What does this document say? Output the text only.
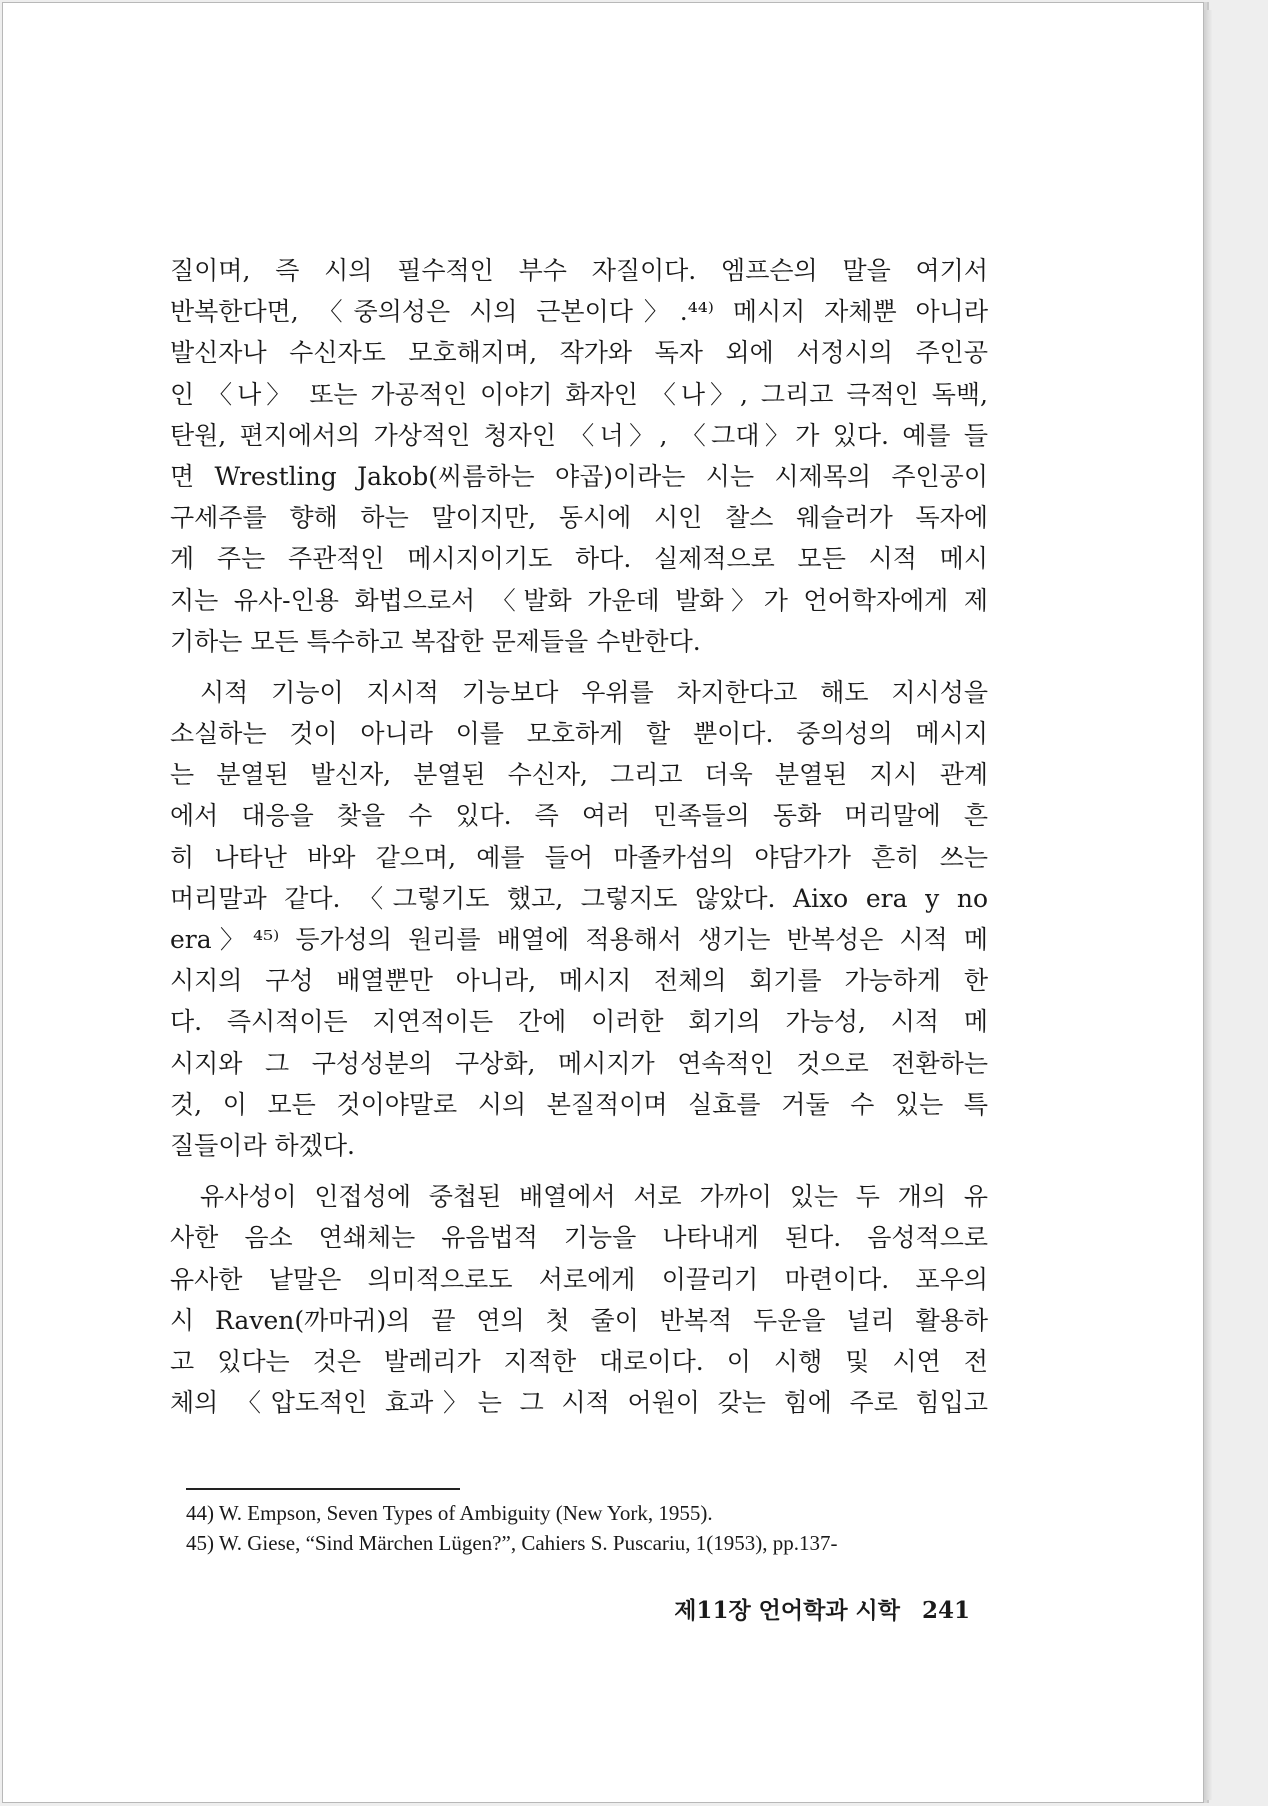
질이며, 즉 시의 필수적인 부수 자질이다. 엠프슨의 말을 여기서
반복한다면, 〈중의성은 시의 근본이다〉.⁴⁴⁾ 메시지 자체뿐 아니라
발신자나 수신자도 모호해지며, 작가와 독자 외에 서정시의 주인공
인 〈나〉 또는 가공적인 이야기 화자인 〈나〉, 그리고 극적인 독백,
탄원, 편지에서의 가상적인 청자인 〈너〉, 〈그대〉가 있다. 예를 들
면 Wrestling Jakob(씨름하는 야곱)이라는 시는 시제목의 주인공이
구세주를 향해 하는 말이지만, 동시에 시인 찰스 웨슬러가 독자에
게 주는 주관적인 메시지이기도 하다. 실제적으로 모든 시적 메시
지는 유사-인용 화법으로서 〈발화 가운데 발화〉가 언어학자에게 제
기하는 모든 특수하고 복잡한 문제들을 수반한다.
시적 기능이 지시적 기능보다 우위를 차지한다고 해도 지시성을
소실하는 것이 아니라 이를 모호하게 할 뿐이다. 중의성의 메시지
는 분열된 발신자, 분열된 수신자, 그리고 더욱 분열된 지시 관계
에서 대응을 찾을 수 있다. 즉 여러 민족들의 동화 머리말에 흔
히 나타난 바와 같으며, 예를 들어 마졸카섬의 야담가가 흔히 쓰는
머리말과 같다. 〈그렇기도 했고, 그렇지도 않았다. Aixo era y no
era〉⁴⁵⁾ 등가성의 원리를 배열에 적용해서 생기는 반복성은 시적 메
시지의 구성 배열뿐만 아니라, 메시지 전체의 회기를 가능하게 한
다. 즉시적이든 지연적이든 간에 이러한 회기의 가능성, 시적 메
시지와 그 구성성분의 구상화, 메시지가 연속적인 것으로 전환하는
것, 이 모든 것이야말로 시의 본질적이며 실효를 거둘 수 있는 특
질들이라 하겠다.
유사성이 인접성에 중첩된 배열에서 서로 가까이 있는 두 개의 유
사한 음소 연쇄체는 유음법적 기능을 나타내게 된다. 음성적으로
유사한 낱말은 의미적으로도 서로에게 이끌리기 마련이다. 포우의
시 Raven(까마귀)의 끝 연의 첫 줄이 반복적 두운을 널리 활용하
고 있다는 것은 발레리가 지적한 대로이다. 이 시행 및 시연 전
체의 〈압도적인 효과〉는 그 시적 어원이 갖는 힘에 주로 힘입고
44) W. Empson, Seven Types of Ambiguity (New York, 1955).
45) W. Giese, “Sind Märchen Lügen?”, Cahiers S. Puscariu, 1(1953), pp.137-
제11장 언어학과 시학 241
